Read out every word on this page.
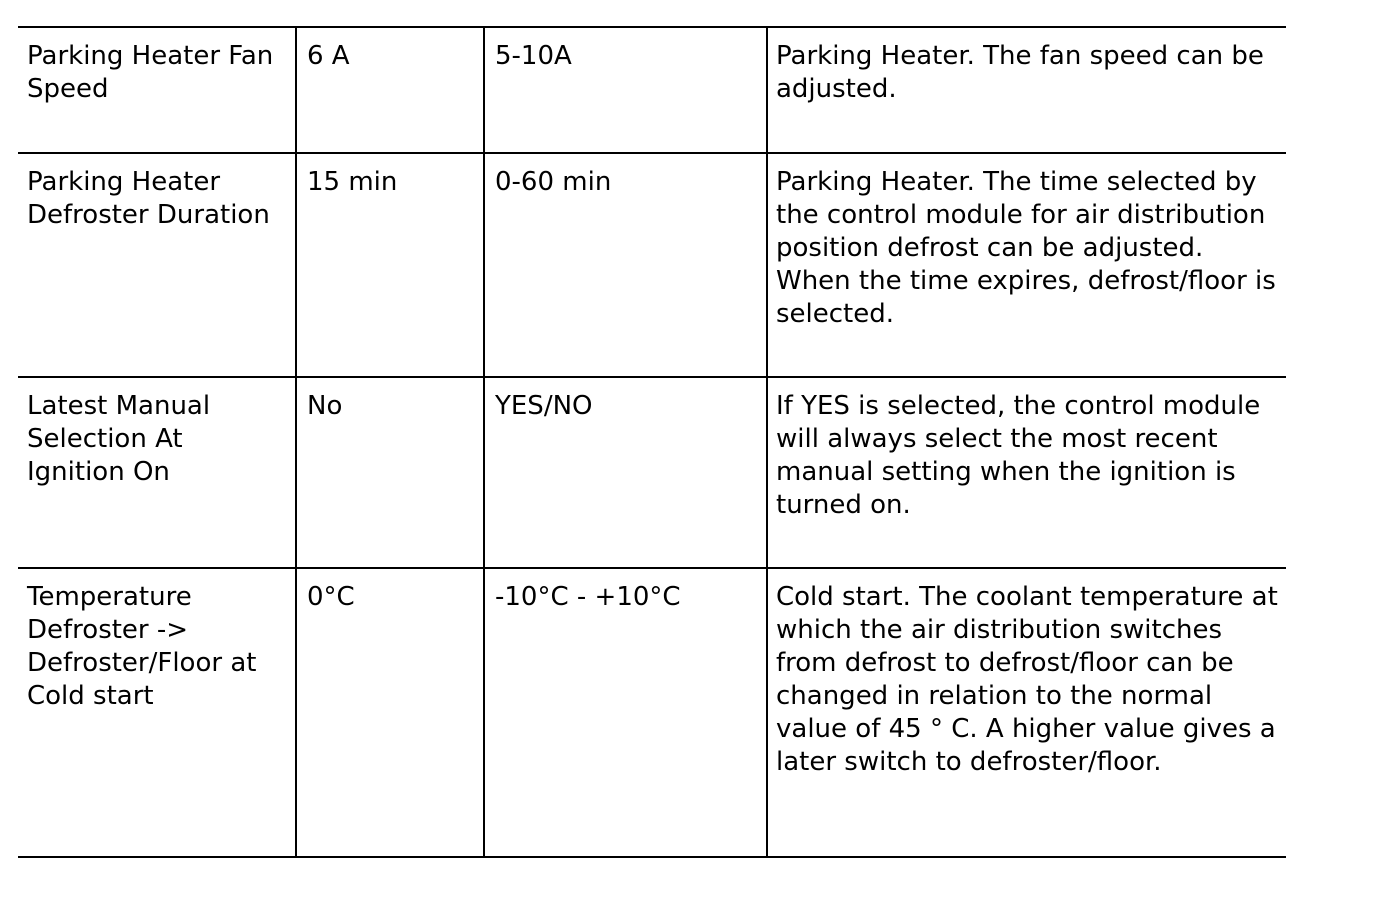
Parking Heater Fan Speed	6 A	5-10A	Parking Heater. The fan speed can be adjusted.
Parking Heater Defroster Duration	15 min	0-60 min	Parking Heater. The time selected by the control module for air distribution position defrost can be adjusted. When the time expires, defrost/floor is selected.
Latest Manual Selection At Ignition On	No	YES/NO	If YES is selected, the control module will always select the most recent manual setting when the ignition is turned on.
Temperature Defroster -> Defroster/Floor at Cold start	0°C	-10°C - +10°C	Cold start. The coolant temperature at which the air distribution switches from defrost to defrost/floor can be changed in relation to the normal value of 45 ° C. A higher value gives a later switch to defroster/floor.
